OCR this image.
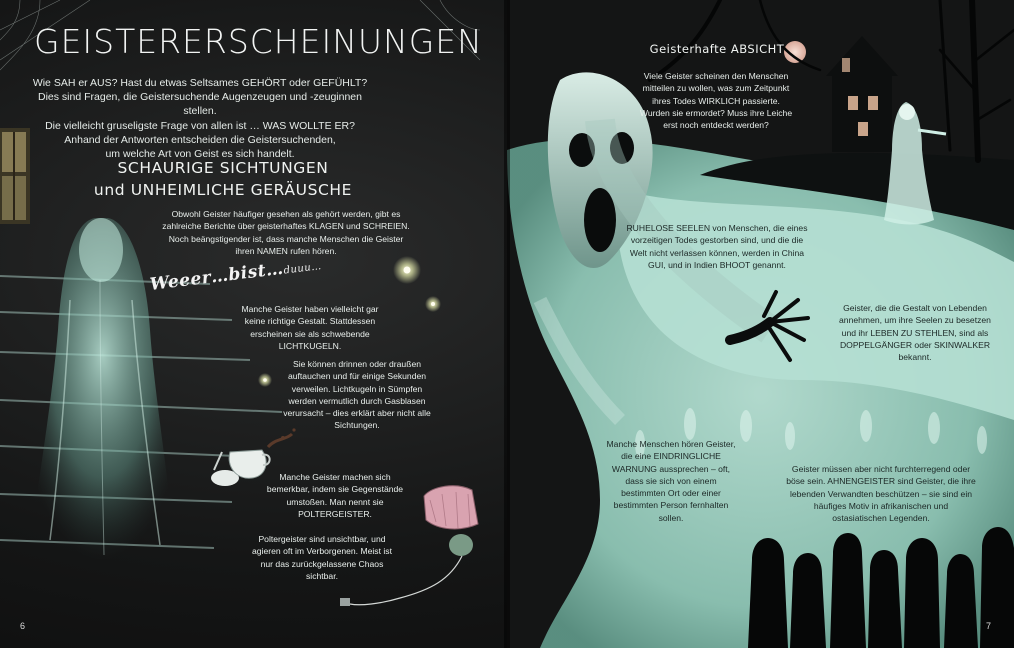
GEISTERERSCHEINUNGEN
Wie SAH er AUS? Hast du etwas Seltsames GEHÖRT oder GEFÜHLT?
Dies sind Fragen, die Geistersuchende Augenzeugen und -zeuginnen stellen.
Die vielleicht gruseligste Frage von allen ist … WAS WOLLTE ER?
Anhand der Antworten entscheiden die Geistersuchenden,
um welche Art von Geist es sich handelt.
SCHAURIGE SICHTUNGEN
und UNHEIMLICHE GERÄUSCHE
Obwohl Geister häufiger gesehen als gehört werden, gibt es zahlreiche Berichte über geisterhaftes KLAGEN und SCHREIEN. Noch beängstigender ist, dass manche Menschen die Geister ihren NAMEN rufen hören.
Weeer…bist…duuu…
Manche Geister haben vielleicht gar keine richtige Gestalt. Stattdessen erscheinen sie als schwebende LICHTKUGELN.
Sie können drinnen oder draußen auftauchen und für einige Sekunden verweilen. Lichtkugeln in Sümpfen werden vermutlich durch Gasblasen verursacht – dies erklärt aber nicht alle Sichtungen.
Manche Geister machen sich bemerkbar, indem sie Gegenstände umstoßen. Man nennt sie POLTERGEISTER.
Poltergeister sind unsichtbar, und agieren oft im Verborgenen. Meist ist nur das zurückgelassene Chaos sichtbar.
6
Geisterhafte ABSICHT
Viele Geister scheinen den Menschen mitteilen zu wollen, was zum Zeitpunkt ihres Todes WIRKLICH passierte. Wurden sie ermordet? Muss ihre Leiche erst noch entdeckt werden?
RUHELOSE SEELEN von Menschen, die eines vorzeitigen Todes gestorben sind, und die die Welt nicht verlassen können, werden in China GUI, und in Indien BHOOT genannt.
Geister, die die Gestalt von Lebenden annehmen, um ihre Seelen zu besetzen und ihr LEBEN ZU STEHLEN, sind als DOPPELGÄNGER oder SKINWALKER bekannt.
Manche Menschen hören Geister, die eine EINDRINGLICHE WARNUNG aussprechen – oft, dass sie sich von einem bestimmten Ort oder einer bestimmten Person fernhalten sollen.
Geister müssen aber nicht furchterregend oder böse sein. AHNENGEISTER sind Geister, die ihre lebenden Verwandten beschützen – sie sind ein häufiges Motiv in afrikanischen und ostasiatischen Legenden.
7
